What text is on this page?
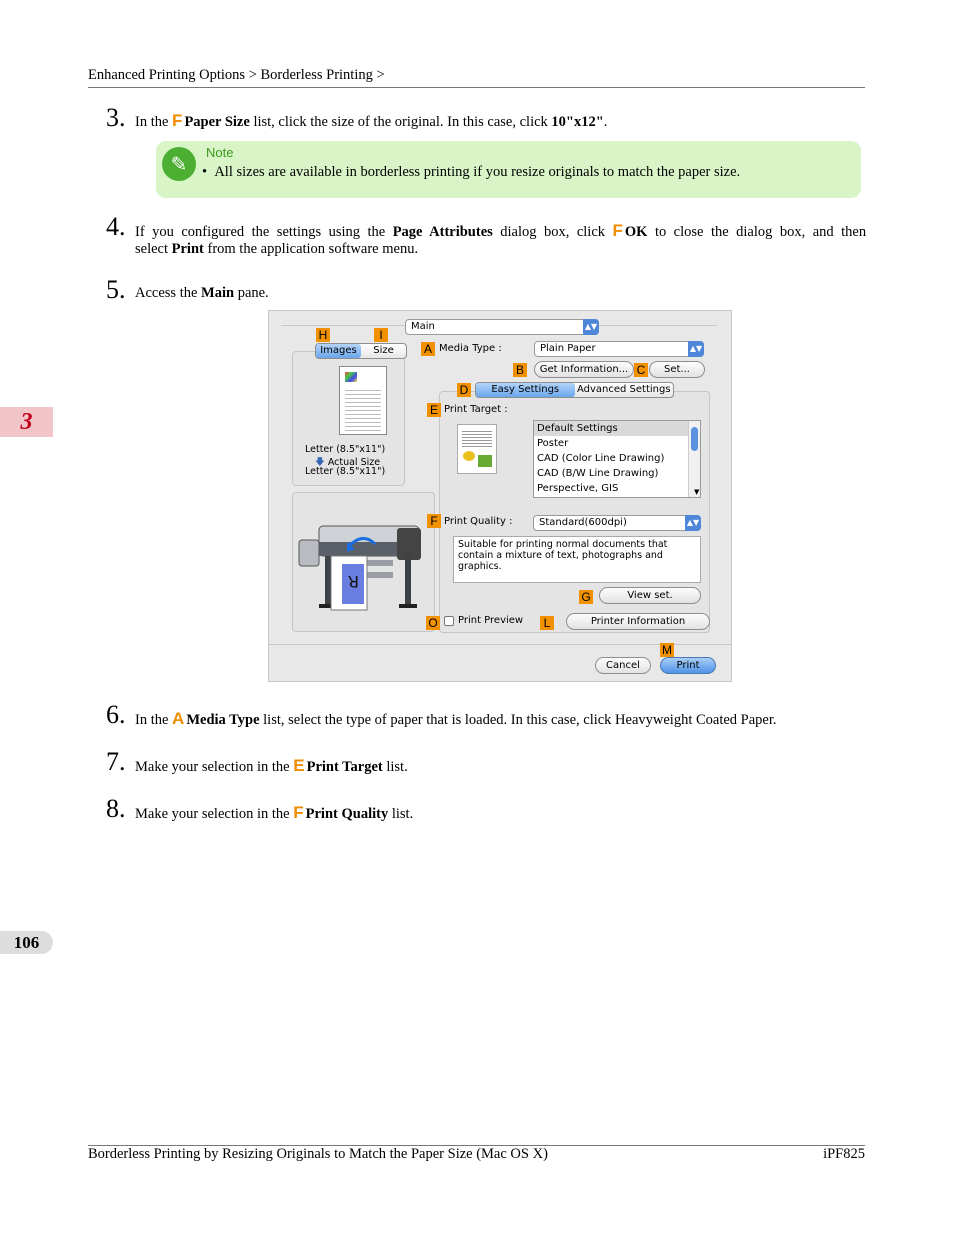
Enhanced Printing Options > Borderless Printing >
3
106
3. In the F Paper Size list, click the size of the original. In this case, click 10"x12".
✎	Note
• All sizes are available in borderless printing if you resize originals to match the paper size.
4. If you configured the settings using the Page Attributes dialog box, click F OK to close the dialog box, and then
select Print from the application software menu.
5. Access the Main pane.
Main	▲▼
H	I
Images	Size
Letter (8.5"x11")
🡇 Actual Size
Letter (8.5"x11")
R
A Media Type :	Plain Paper	▲▼
B	Get Information... C	Set...
D	Easy Settings	Advanced Settings
E Print Target :
Default Settings
Poster
CAD (Color Line Drawing)
CAD (B/W Line Drawing)
Perspective, GIS	▼
F Print Quality :	Standard(600dpi)	▲▼
Suitable for printing normal documents that contain a mixture of text, photographs and graphics.
G	View set.
O Print Preview	L	Printer Information
M
Cancel	Print
6. In the A Media Type list, select the type of paper that is loaded. In this case, click Heavyweight Coated Paper.
7. Make your selection in the E Print Target list.
8. Make your selection in the F Print Quality list.
Borderless Printing by Resizing Originals to Match the Paper Size (Mac OS X)	iPF825
